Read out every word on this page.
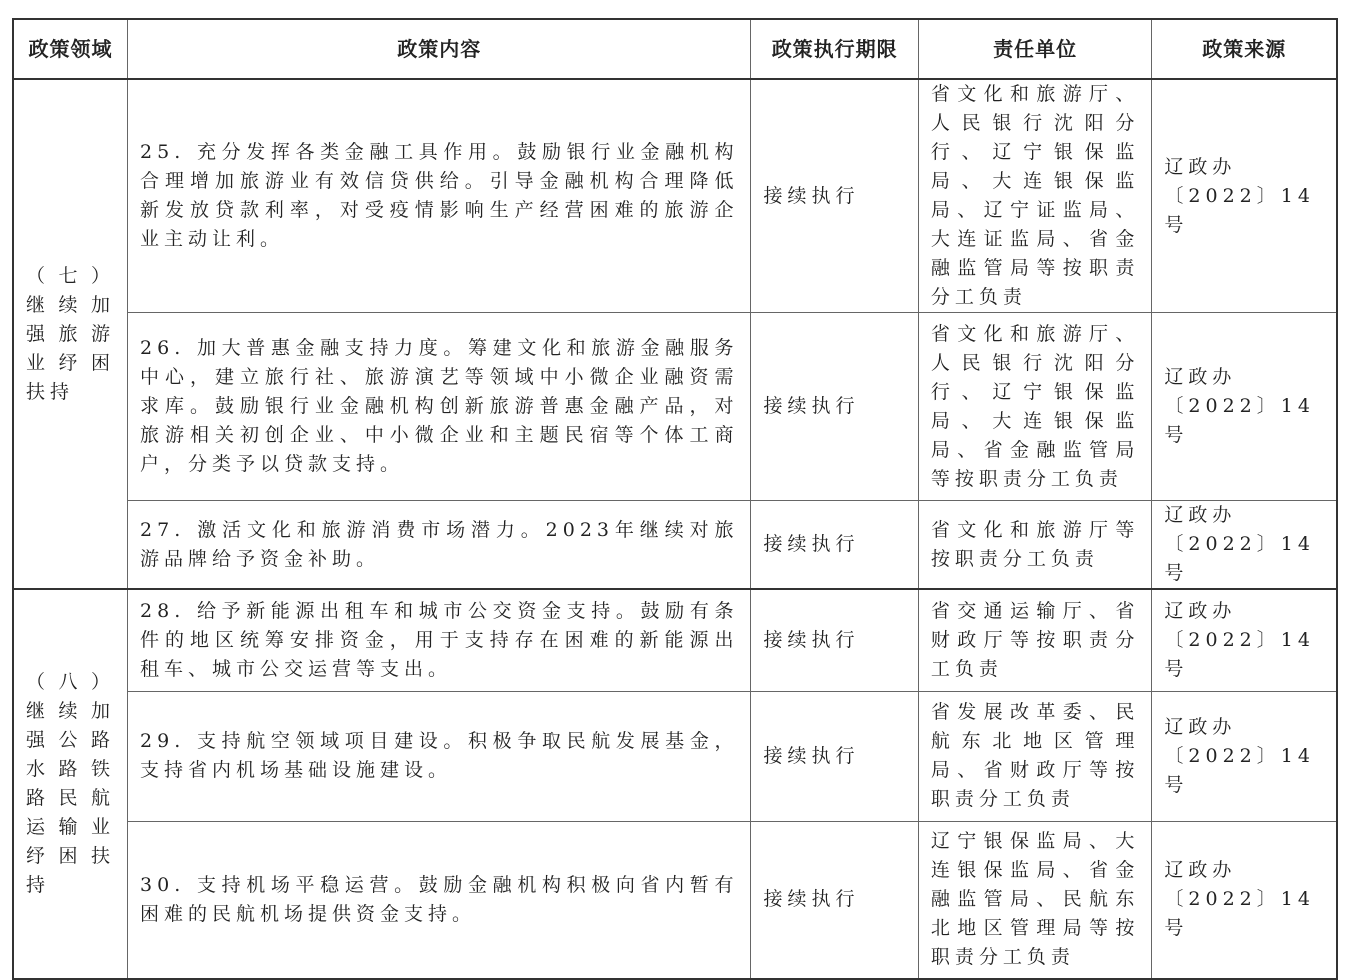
政策领域	政策内容	政策执行期限	责任单位	政策来源
（七）继续加强旅游业纾困扶持	25. 充分发挥各类金融工具作用。鼓励银行业金融机构合理增加旅游业有效信贷供给。引导金融机构合理降低新发放贷款利率，对受疫情影响生产经营困难的旅游企业主动让利。	接续执行	省文化和旅游厅、人民银行沈阳分行、辽宁银保监局、大连银保监局、辽宁证监局、大连证监局、省金融监管局等按职责分工负责	辽政办〔2022〕14号
	26. 加大普惠金融支持力度。筹建文化和旅游金融服务中心，建立旅行社、旅游演艺等领域中小微企业融资需求库。鼓励银行业金融机构创新旅游普惠金融产品，对旅游相关初创企业、中小微企业和主题民宿等个体工商户，分类予以贷款支持。	接续执行	省文化和旅游厅、人民银行沈阳分行、辽宁银保监局、大连银保监局、省金融监管局等按职责分工负责	辽政办〔2022〕14号
	27. 激活文化和旅游消费市场潜力。2023年继续对旅游品牌给予资金补助。	接续执行	省文化和旅游厅等按职责分工负责	辽政办〔2022〕14号
（八）继续加强公路水路铁路民航运输业纾困扶持	28. 给予新能源出租车和城市公交资金支持。鼓励有条件的地区统筹安排资金，用于支持存在困难的新能源出租车、城市公交运营等支出。	接续执行	省交通运输厅、省财政厅等按职责分工负责	辽政办〔2022〕14号
	29. 支持航空领域项目建设。积极争取民航发展基金，支持省内机场基础设施建设。	接续执行	省发展改革委、民航东北地区管理局、省财政厅等按职责分工负责	辽政办〔2022〕14号
	30. 支持机场平稳运营。鼓励金融机构积极向省内暂有困难的民航机场提供资金支持。	接续执行	辽宁银保监局、大连银保监局、省金融监管局、民航东北地区管理局等按职责分工负责	辽政办〔2022〕14号
